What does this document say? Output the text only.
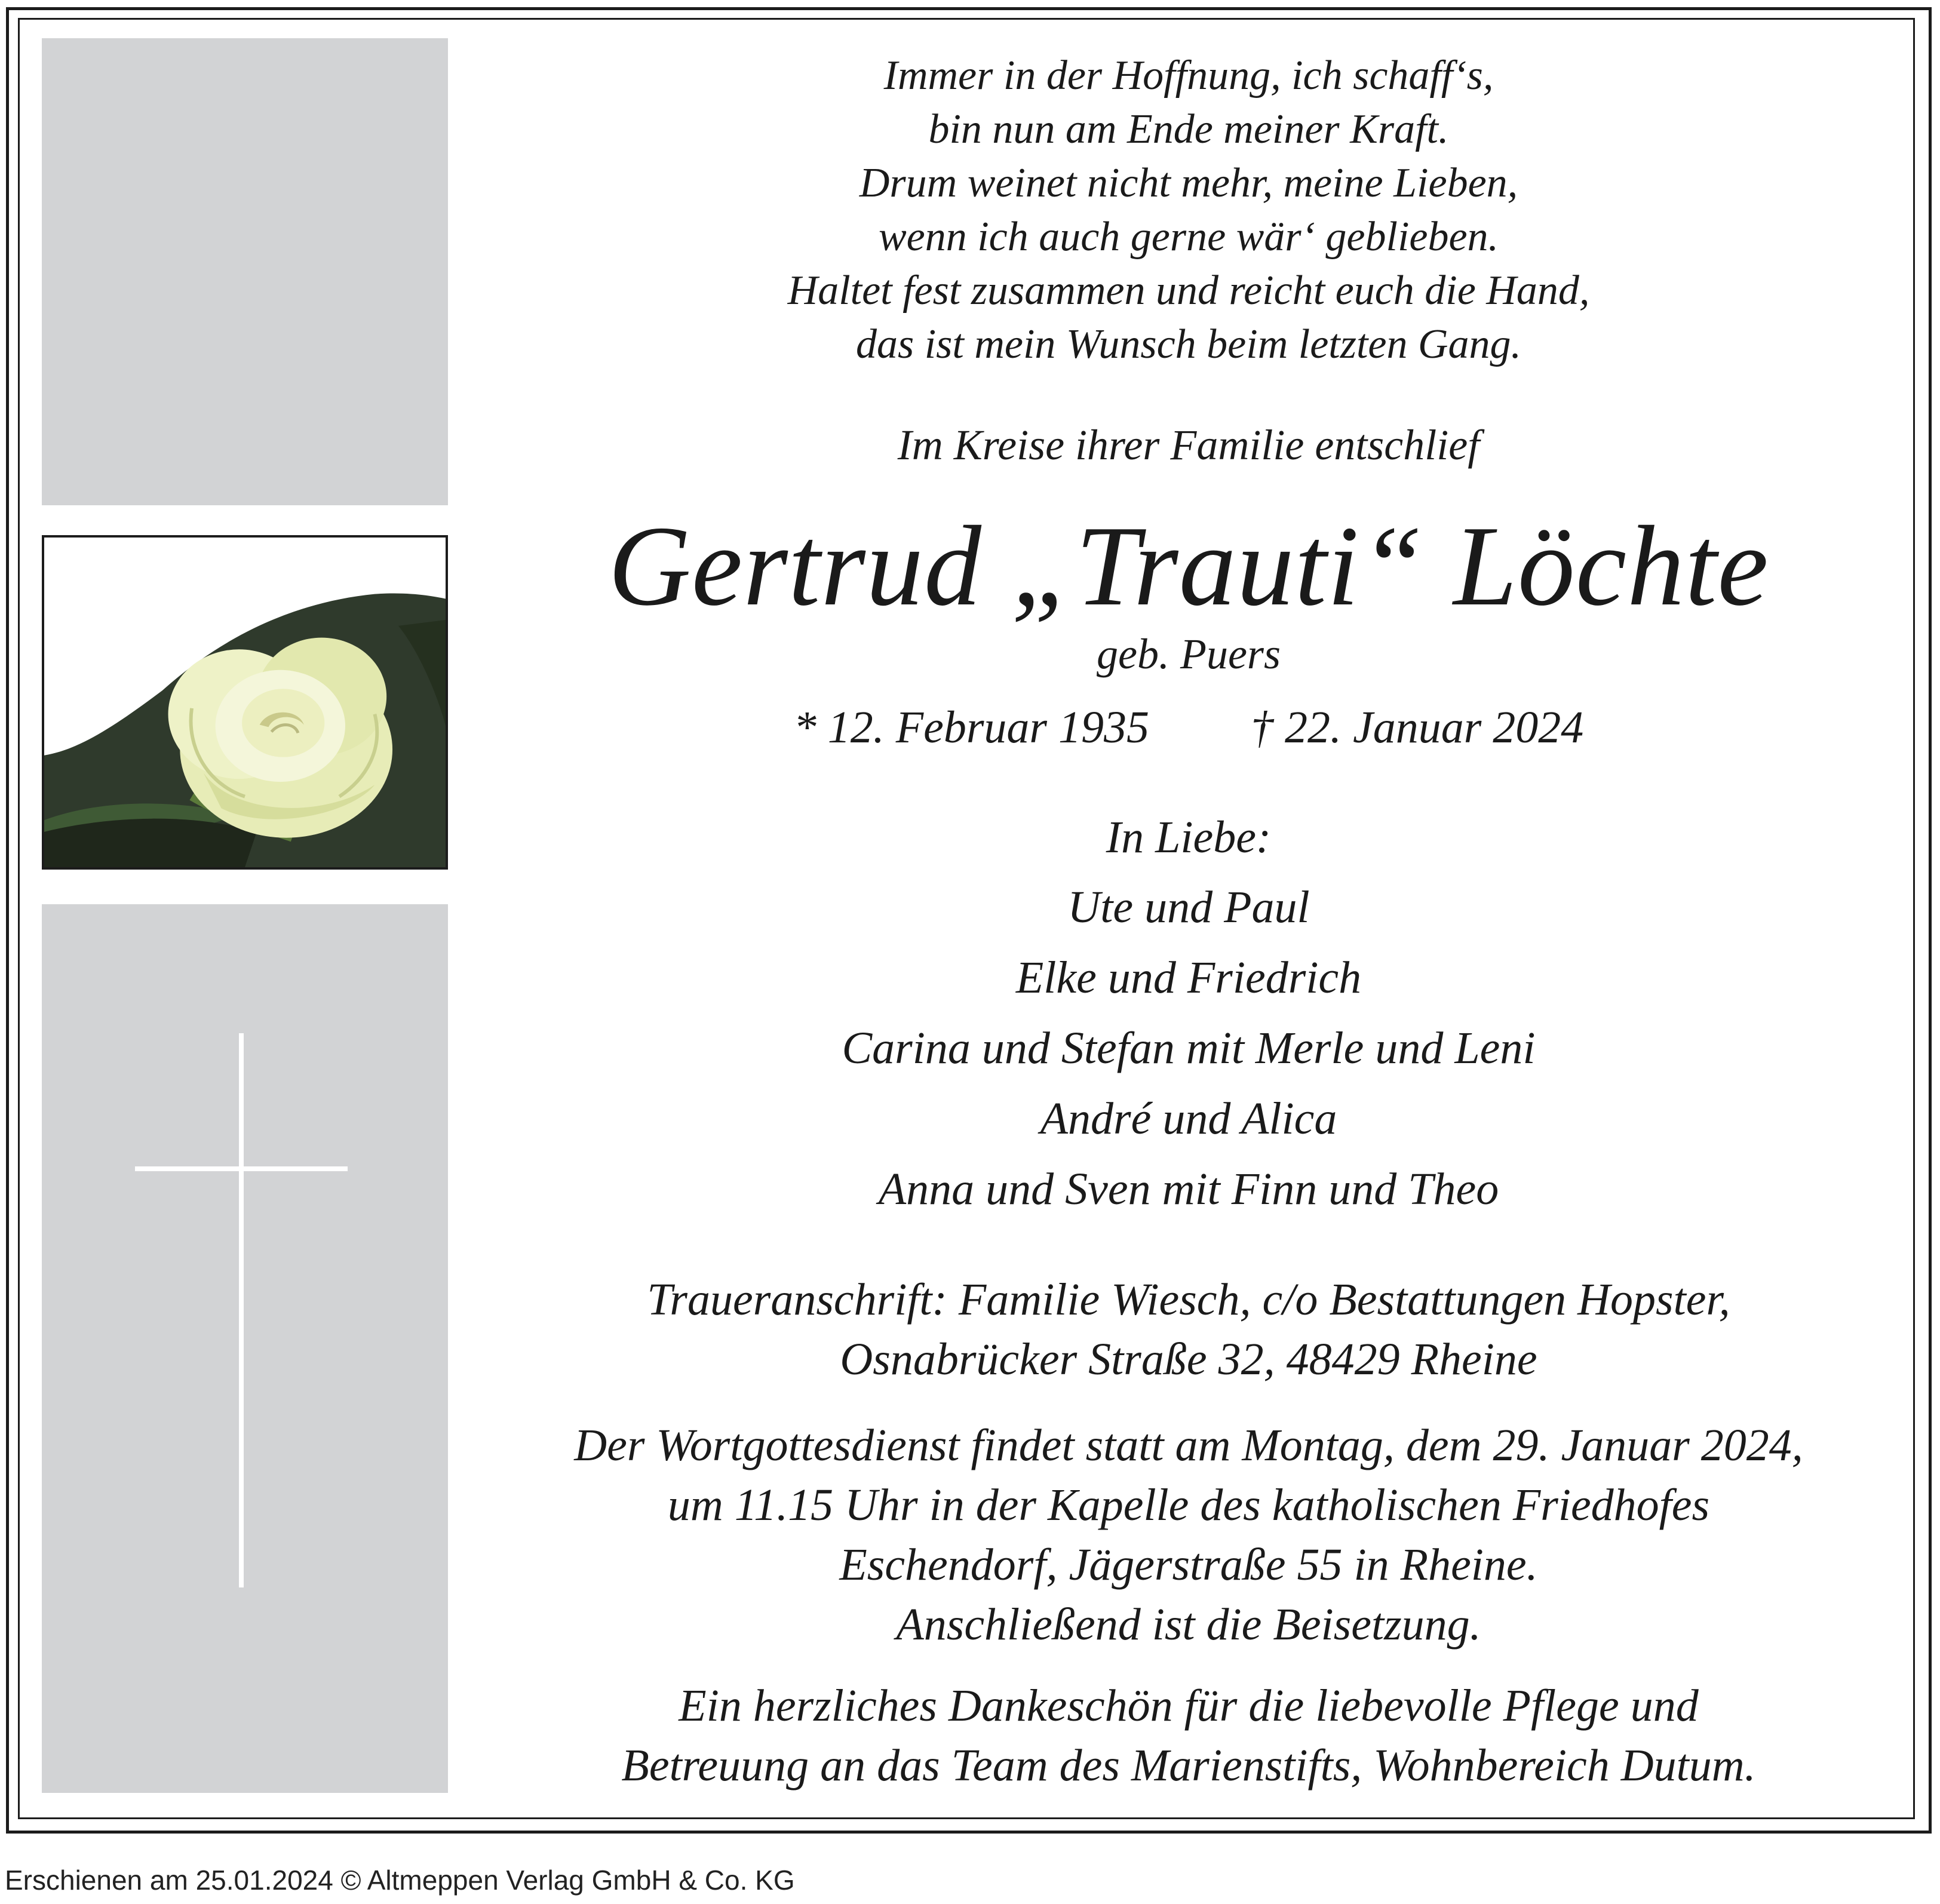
Immer in der Hoffnung, ich schaff‘s,
bin nun am Ende meiner Kraft.
Drum weinet nicht mehr, meine Lieben,
wenn ich auch gerne wär‘ geblieben.
Haltet fest zusammen und reicht euch die Hand,
das ist mein Wunsch beim letzten Gang.
Im Kreise ihrer Familie entschlief
Gertrud „Trauti“ Löchte
geb. Puers
* 12. Februar 1935 † 22. Januar 2024
In Liebe:
Ute und Paul
Elke und Friedrich
Carina und Stefan mit Merle und Leni
André und Alica
Anna und Sven mit Finn und Theo
Traueranschrift: Familie Wiesch, c/o Bestattungen Hopster,
Osnabrücker Straße 32, 48429 Rheine
Der Wortgottesdienst findet statt am Montag, dem 29. Januar 2024,
um 11.15 Uhr in der Kapelle des katholischen Friedhofes
Eschendorf, Jägerstraße 55 in Rheine.
Anschließend ist die Beisetzung.
Ein herzliches Dankeschön für die liebevolle Pflege und
Betreuung an das Team des Marienstifts, Wohnbereich Dutum.
Erschienen am 25.01.2024 © Altmeppen Verlag GmbH & Co. KG
